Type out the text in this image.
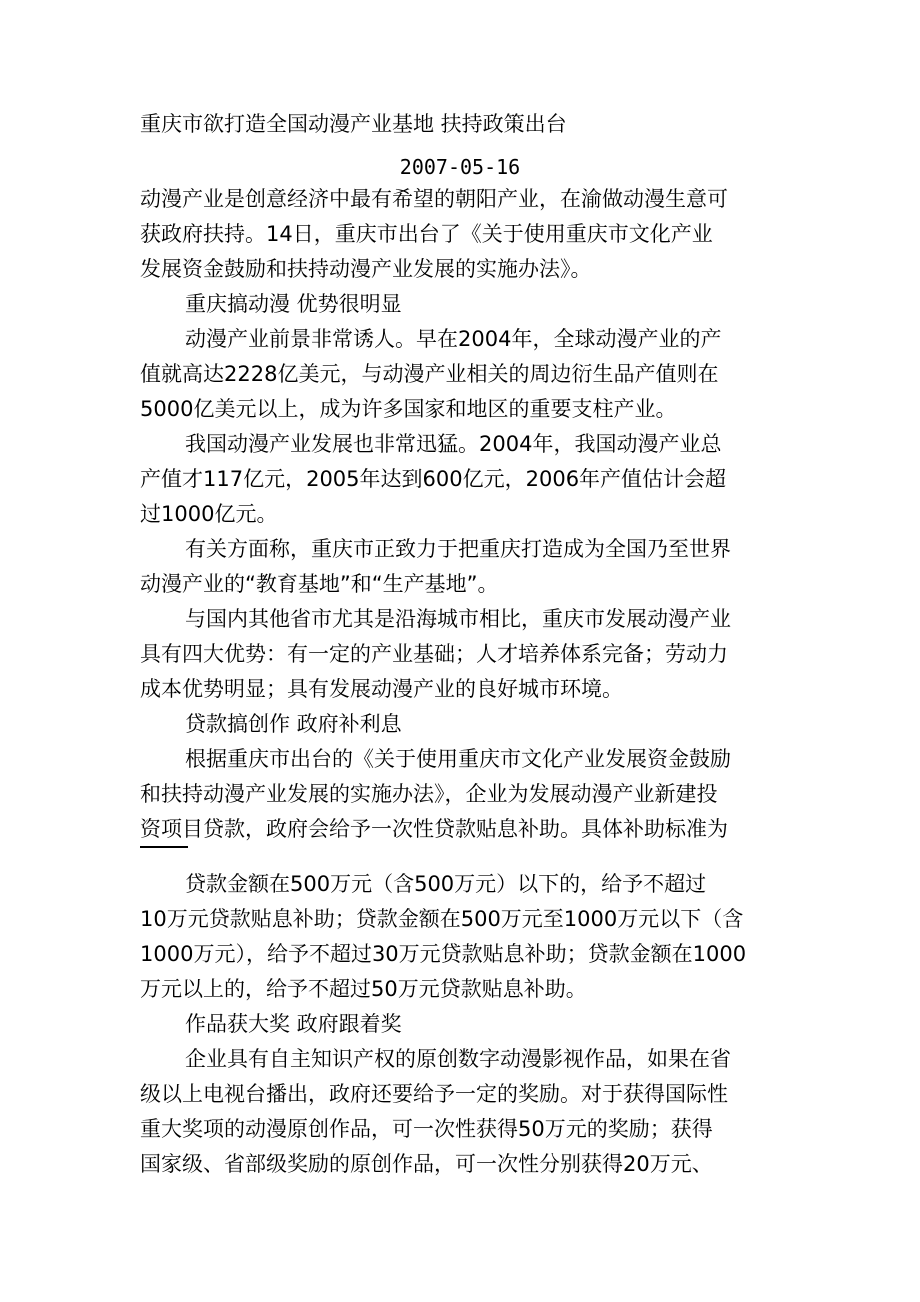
重庆市欲打造全国动漫产业基地 扶持政策出台
2007-05-16
动漫产业是创意经济中最有希望的朝阳产业，在渝做动漫生意可
获政府扶持。14日，重庆市出台了《关于使用重庆市文化产业
发展资金鼓励和扶持动漫产业发展的实施办法》。
重庆搞动漫 优势很明显
动漫产业前景非常诱人。早在2004年，全球动漫产业的产
值就高达2228亿美元，与动漫产业相关的周边衍生品产值则在
5000亿美元以上，成为许多国家和地区的重要支柱产业。
我国动漫产业发展也非常迅猛。2004年，我国动漫产业总
产值才117亿元，2005年达到600亿元，2006年产值估计会超
过1000亿元。
有关方面称，重庆市正致力于把重庆打造成为全国乃至世界
动漫产业的“教育基地”和“生产基地”。
与国内其他省市尤其是沿海城市相比，重庆市发展动漫产业
具有四大优势：有一定的产业基础；人才培养体系完备；劳动力
成本优势明显；具有发展动漫产业的良好城市环境。
贷款搞创作 政府补利息
根据重庆市出台的《关于使用重庆市文化产业发展资金鼓励
和扶持动漫产业发展的实施办法》，企业为发展动漫产业新建投
资项目贷款，政府会给予一次性贷款贴息补助。具体补助标准为
贷款金额在500万元（含500万元）以下的，给予不超过
10万元贷款贴息补助；贷款金额在500万元至1000万元以下（含
1000万元），给予不超过30万元贷款贴息补助；贷款金额在1000
万元以上的，给予不超过50万元贷款贴息补助。
作品获大奖 政府跟着奖
企业具有自主知识产权的原创数字动漫影视作品，如果在省
级以上电视台播出，政府还要给予一定的奖励。对于获得国际性
重大奖项的动漫原创作品，可一次性获得50万元的奖励；获得
国家级、省部级奖励的原创作品，可一次性分别获得20万元、
